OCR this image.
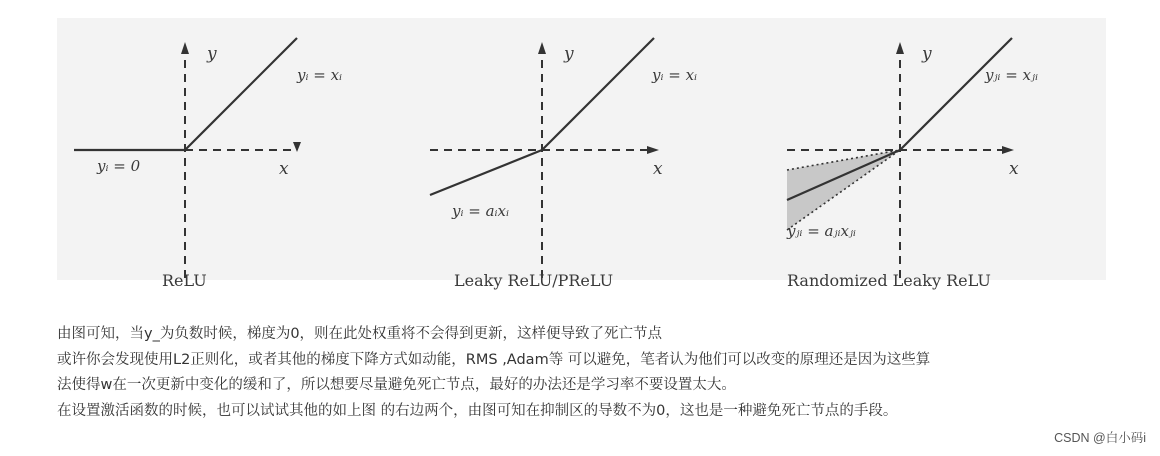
y
x
yᵢ = xᵢ
yᵢ = 0
ReLU
y
x
yᵢ = xᵢ
yᵢ = aᵢxᵢ
Leaky ReLU/PReLU
y
x
yⱼᵢ = xⱼᵢ
yⱼᵢ = aⱼᵢxⱼᵢ
Randomized Leaky ReLU

由图可知，当y_为负数时候，梯度为0，则在此处权重将不会得到更新，这样便导致了死亡节点

或许你会发现使用L2正则化，或者其他的梯度下降方式如动能，RMS ,Adam等 可以避免，笔者认为他们可以改变的原理还是因为这些算

法使得w在一次更新中变化的缓和了，所以想要尽量避免死亡节点，最好的办法还是学习率不要设置太大。

在设置激活函数的时候，也可以试试其他的如上图 的右边两个，由图可知在抑制区的导数不为0，这也是一种避免死亡节点的手段。

CSDN @白小码i
